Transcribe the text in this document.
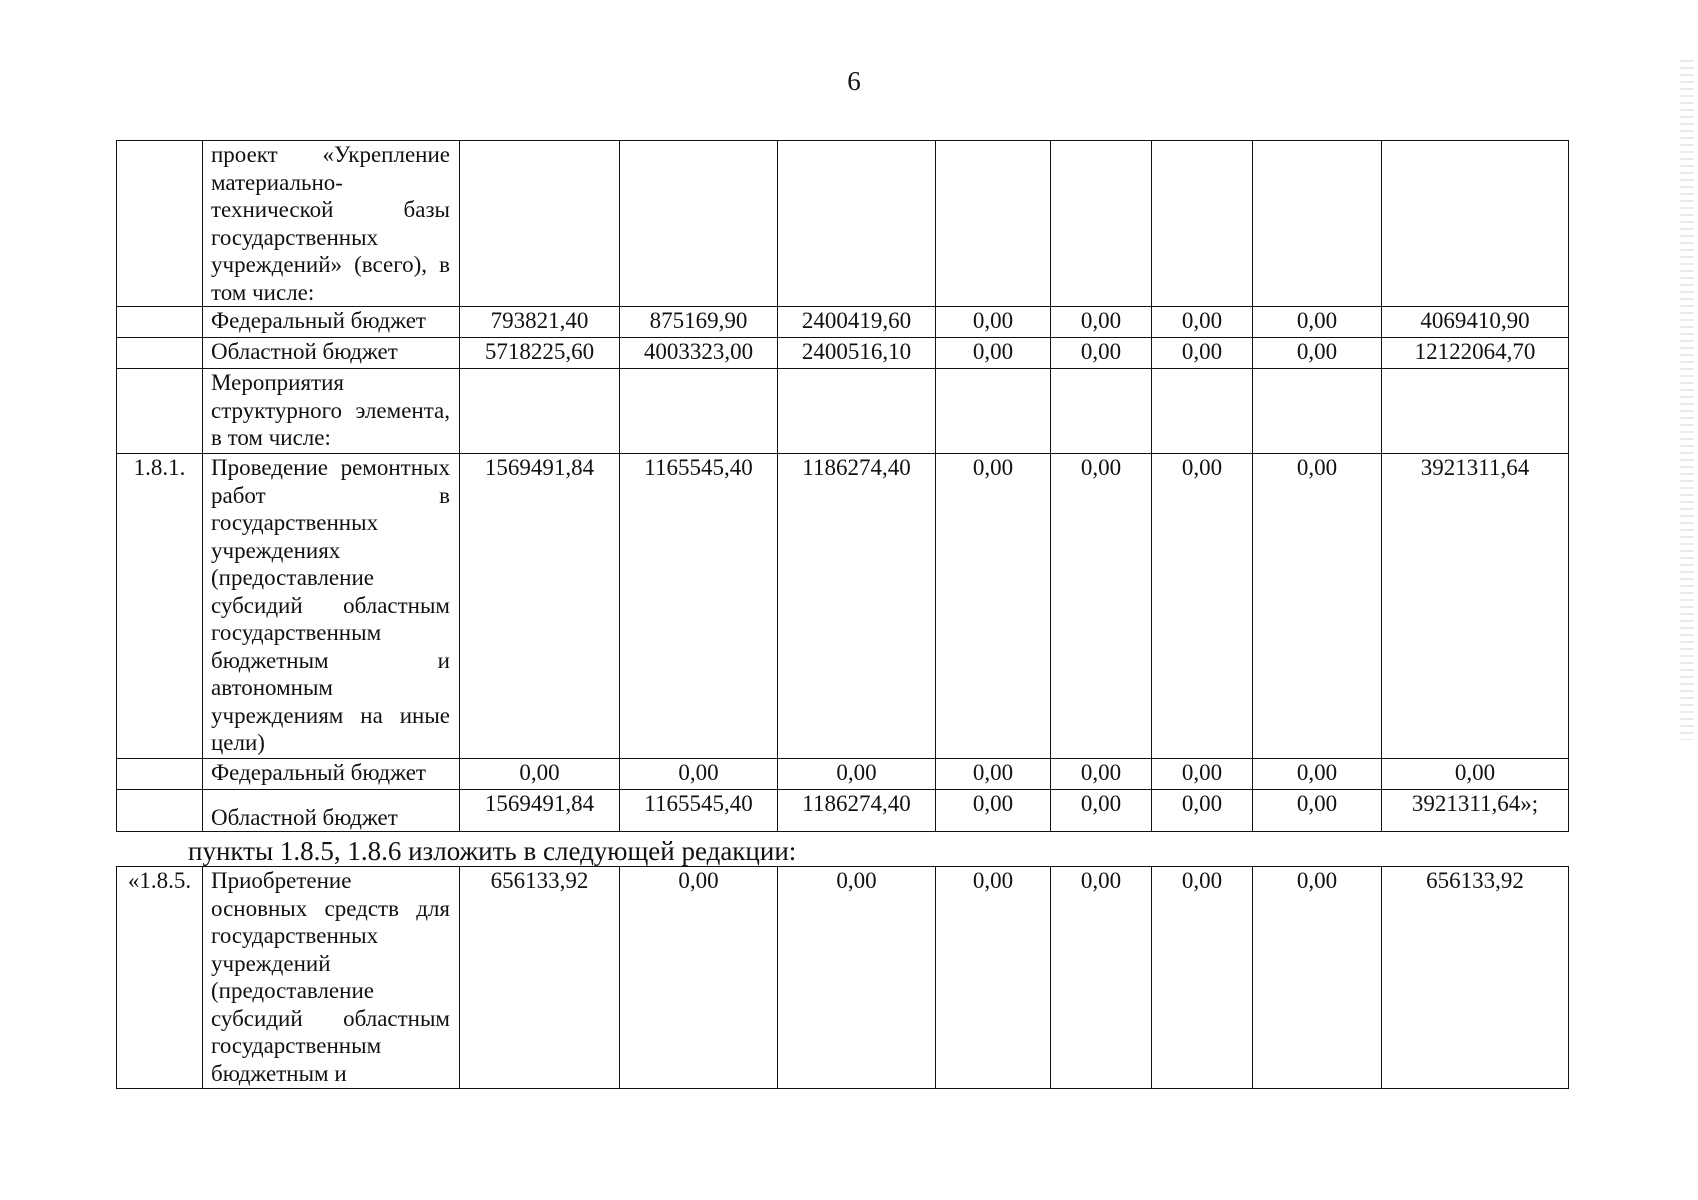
6
	проект «Укрепление материально-технической базы государственных учреждений» (всего), в том числе:								
	Федеральный бюджет	793821,40	875169,90	2400419,60	0,00	0,00	0,00	0,00	4069410,90
	Областной бюджет	5718225,60	4003323,00	2400516,10	0,00	0,00	0,00	0,00	12122064,70
	Мероприятия структурного элемента, в том числе:								
1.8.1.	Проведение ремонтных работ в государственных учреждениях (предоставление субсидий областным государственным бюджетным и автономным учреждениям на иные цели)	1569491,84	1165545,40	1186274,40	0,00	0,00	0,00	0,00	3921311,64
	Федеральный бюджет	0,00	0,00	0,00	0,00	0,00	0,00	0,00	0,00
	Областной бюджет	1569491,84	1165545,40	1186274,40	0,00	0,00	0,00	0,00	3921311,64»;
пункты 1.8.5, 1.8.6 изложить в следующей редакции:
«1.8.5.	Приобретение основных средств для государственных учреждений (предоставление субсидий областным государственным бюджетным и	656133,92	0,00	0,00	0,00	0,00	0,00	0,00	656133,92
